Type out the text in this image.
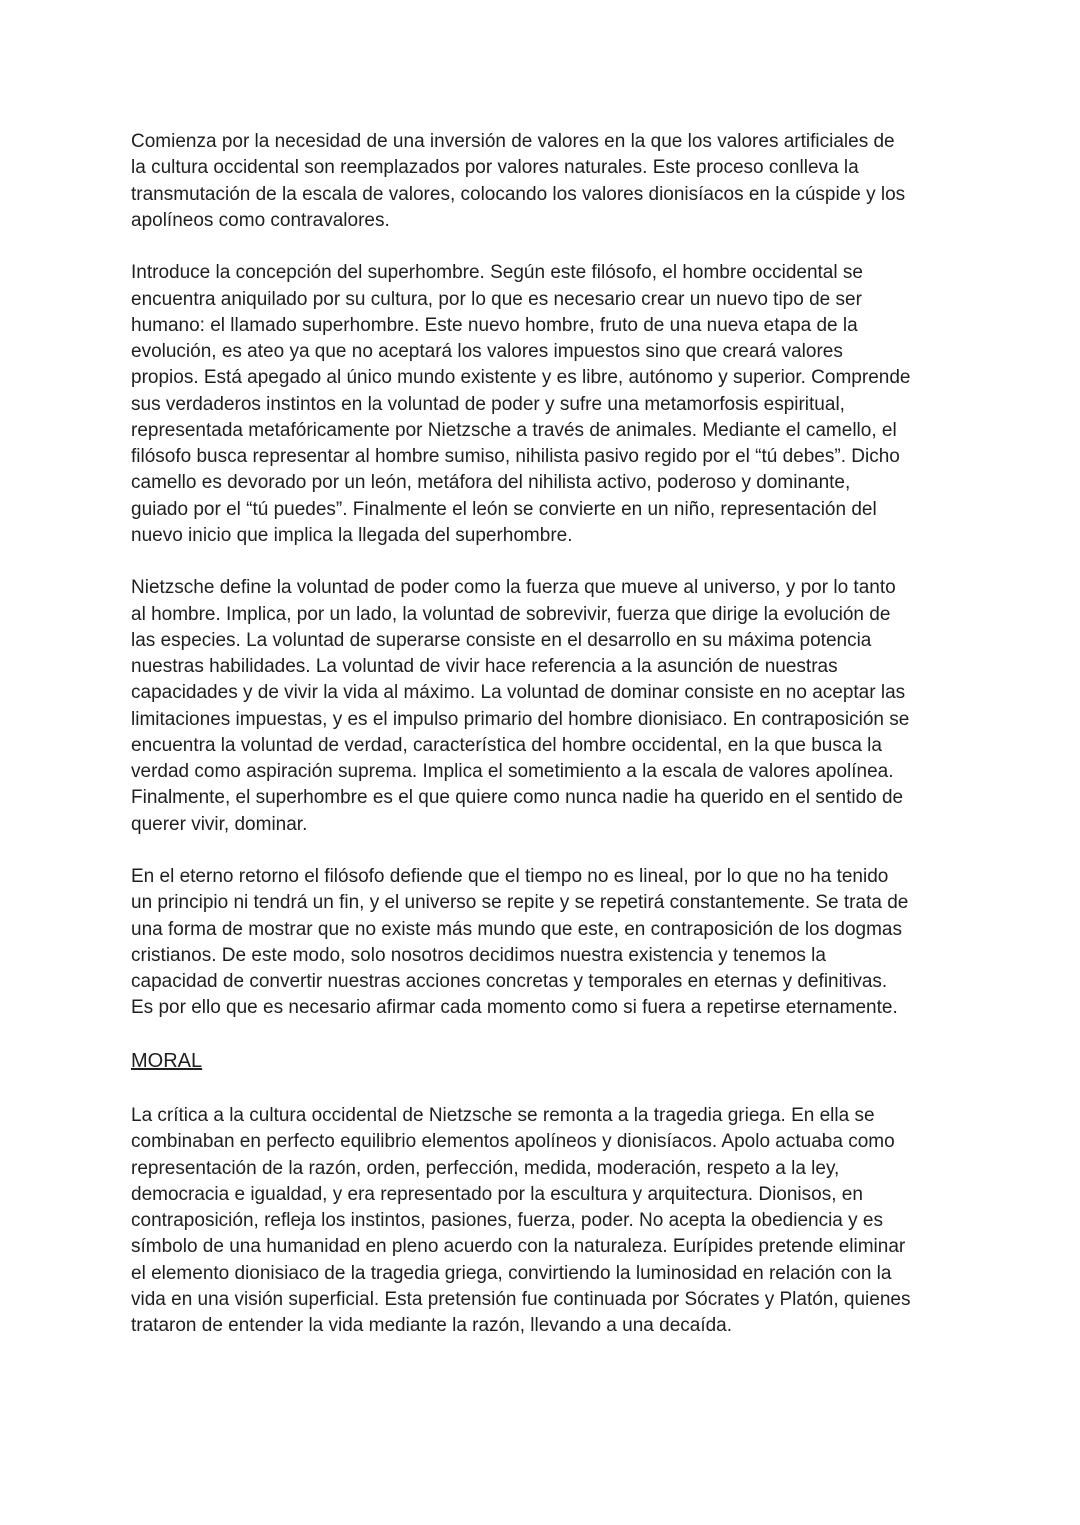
Comienza por la necesidad de una inversión de valores en la que los valores artificiales de
la cultura occidental son reemplazados por valores naturales. Este proceso conlleva la
transmutación de la escala de valores, colocando los valores dionisíacos en la cúspide y los
apolíneos como contravalores.
Introduce la concepción del superhombre. Según este filósofo, el hombre occidental se
encuentra aniquilado por su cultura, por lo que es necesario crear un nuevo tipo de ser
humano: el llamado superhombre. Este nuevo hombre, fruto de una nueva etapa de la
evolución, es ateo ya que no aceptará los valores impuestos sino que creará valores
propios. Está apegado al único mundo existente y es libre, autónomo y superior. Comprende
sus verdaderos instintos en la voluntad de poder y sufre una metamorfosis espiritual,
representada metafóricamente por Nietzsche a través de animales. Mediante el camello, el
filósofo busca representar al hombre sumiso, nihilista pasivo regido por el “tú debes”. Dicho
camello es devorado por un león, metáfora del nihilista activo, poderoso y dominante,
guiado por el “tú puedes”. Finalmente el león se convierte en un niño, representación del
nuevo inicio que implica la llegada del superhombre.
Nietzsche define la voluntad de poder como la fuerza que mueve al universo, y por lo tanto
al hombre. Implica, por un lado, la voluntad de sobrevivir, fuerza que dirige la evolución de
las especies. La voluntad de superarse consiste en el desarrollo en su máxima potencia
nuestras habilidades. La voluntad de vivir hace referencia a la asunción de nuestras
capacidades y de vivir la vida al máximo. La voluntad de dominar consiste en no aceptar las
limitaciones impuestas, y es el impulso primario del hombre dionisiaco. En contraposición se
encuentra la voluntad de verdad, característica del hombre occidental, en la que busca la
verdad como aspiración suprema. Implica el sometimiento a la escala de valores apolínea.
Finalmente, el superhombre es el que quiere como nunca nadie ha querido en el sentido de
querer vivir, dominar.
En el eterno retorno el filósofo defiende que el tiempo no es lineal, por lo que no ha tenido
un principio ni tendrá un fin, y el universo se repite y se repetirá constantemente. Se trata de
una forma de mostrar que no existe más mundo que este, en contraposición de los dogmas
cristianos. De este modo, solo nosotros decidimos nuestra existencia y tenemos la
capacidad de convertir nuestras acciones concretas y temporales en eternas y definitivas.
Es por ello que es necesario afirmar cada momento como si fuera a repetirse eternamente.
MORAL
La crítica a la cultura occidental de Nietzsche se remonta a la tragedia griega. En ella se
combinaban en perfecto equilibrio elementos apolíneos y dionisíacos. Apolo actuaba como
representación de la razón, orden, perfección, medida, moderación, respeto a la ley,
democracia e igualdad, y era representado por la escultura y arquitectura. Dionisos, en
contraposición, refleja los instintos, pasiones, fuerza, poder. No acepta la obediencia y es
símbolo de una humanidad en pleno acuerdo con la naturaleza. Eurípides pretende eliminar
el elemento dionisiaco de la tragedia griega, convirtiendo la luminosidad en relación con la
vida en una visión superficial. Esta pretensión fue continuada por Sócrates y Platón, quienes
trataron de entender la vida mediante la razón, llevando a una decaída.
